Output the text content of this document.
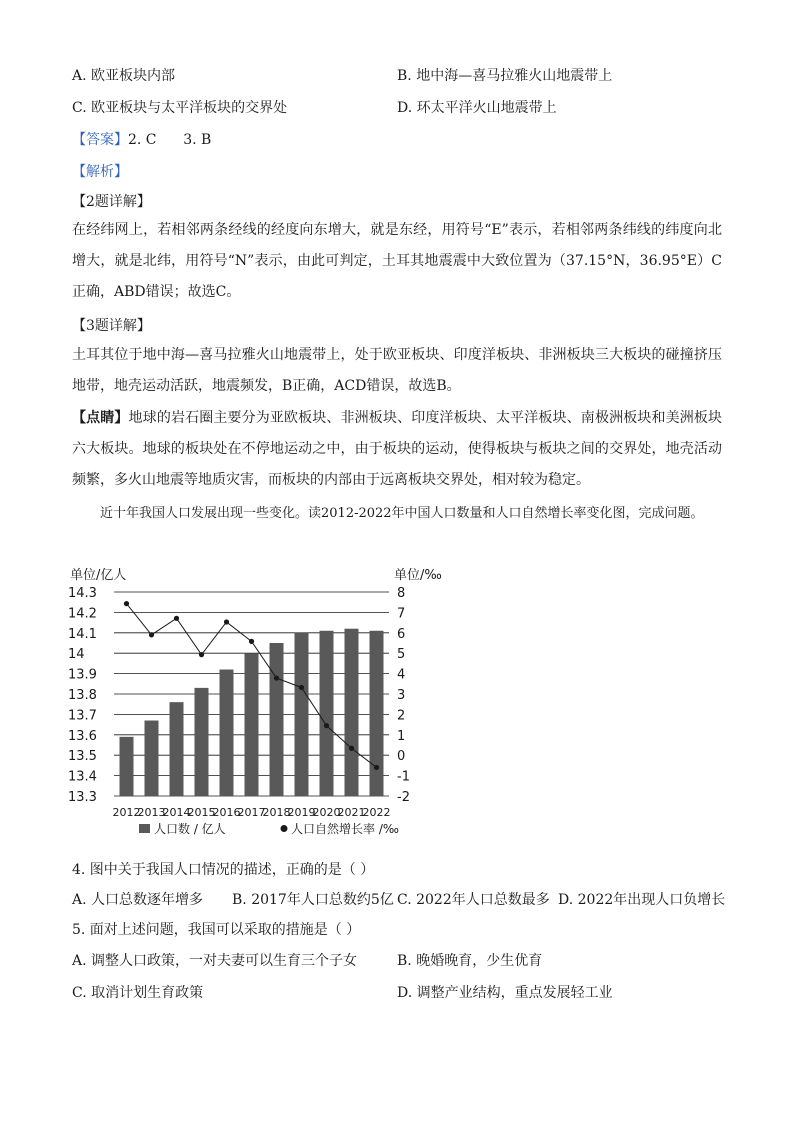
A. 欧亚板块内部	B. 地中海—喜马拉雅火山地震带上
C. 欧亚板块与太平洋板块的交界处	D. 环太平洋火山地震带上
【答案】2. C      3. B
【解析】
【2题详解】
在经纬网上，若相邻两条经线的经度向东增大，就是东经，用符号“E”表示，若相邻两条纬线的纬度向北增大，就是北纬，用符号“N”表示，由此可判定，土耳其地震震中大致位置为（37.15°N，36.95°E）C正确，ABD错误；故选C。
【3题详解】
土耳其位于地中海—喜马拉雅火山地震带上，处于欧亚板块、印度洋板块、非洲板块三大板块的碰撞挤压地带，地壳运动活跃，地震频发，B正确，ACD错误，故选B。
【点睛】地球的岩石圈主要分为亚欧板块、非洲板块、印度洋板块、太平洋板块、南极洲板块和美洲板块六大板块。地球的板块处在不停地运动之中，由于板块的运动，使得板块与板块之间的交界处，地壳活动频繁，多火山地震等地质灾害，而板块的内部由于远离板块交界处，相对较为稳定。
近十年我国人口发展出现一些变化。读2012-2022年中国人口数量和人口自然增长率变化图，完成问题。
14.3
14.2
14.1
14
13.9
13.8
13.7
13.6
13.5
13.4
13.3
8
7
6
5
4
3
2
1
0
-1
-2
2012
2013
2014
2015
2016
2017
2018
2019
2020
2021
2022
单位/亿人	单位/‰
人口数 / 亿人	人口自然增长率 /‰
4. 图中关于我国人口情况的描述，正确的是（ ）
A. 人口总数逐年增多 B. 2017年人口总数约5亿 C. 2022年人口总数最多 D. 2022年出现人口负增长
5. 面对上述问题，我国可以采取的措施是（ ）
A. 调整人口政策，一对夫妻可以生育三个子女	B. 晚婚晚育，少生优育
C. 取消计划生育政策	D. 调整产业结构，重点发展轻工业
